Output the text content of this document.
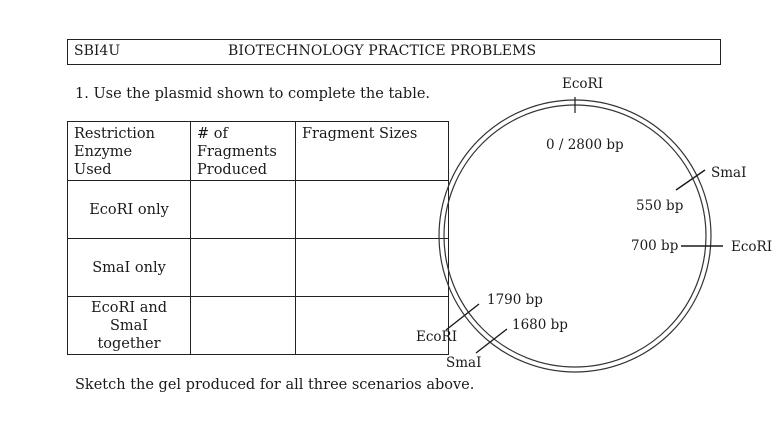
SBI4U	BIOTECHNOLOGY PRACTICE PROBLEMS
1. Use the plasmid shown to complete the table.
Restriction Enzyme Used	# of Fragments Produced	Fragment Sizes
EcoRI only		
SmaI only		
EcoRI and SmaI together		
EcoRI
0 / 2800 bp
SmaI
550 bp
EcoRI
700 bp
EcoRI
1790 bp
SmaI
1680 bp
Sketch the gel produced for all three scenarios above.
